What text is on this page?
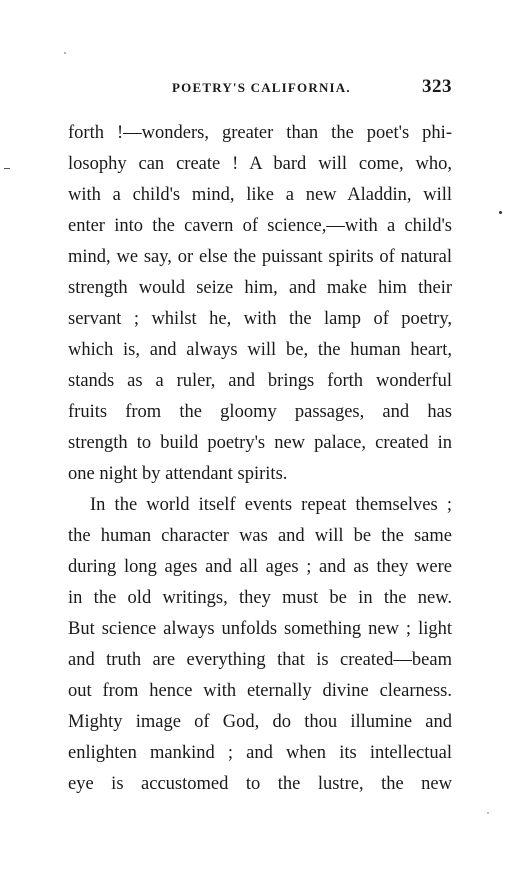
POETRY'S CALIFORNIA.	323
forth !—wonders, greater than the poet's phi-
losophy can create ! A bard will come, who,
with a child's mind, like a new Aladdin, will
enter into the cavern of science,—with a child's
mind, we say, or else the puissant spirits of natural
strength would seize him, and make him their
servant ; whilst he, with the lamp of poetry,
which is, and always will be, the human heart,
stands as a ruler, and brings forth wonderful
fruits from the gloomy passages, and has
strength to build poetry's new palace, created in
one night by attendant spirits.
In the world itself events repeat themselves ;
the human character was and will be the same
during long ages and all ages ; and as they were
in the old writings, they must be in the new.
But science always unfolds something new ; light
and truth are everything that is created—beam
out from hence with eternally divine clearness.
Mighty image of God, do thou illumine and
enlighten mankind ; and when its intellectual
eye is accustomed to the lustre, the new
